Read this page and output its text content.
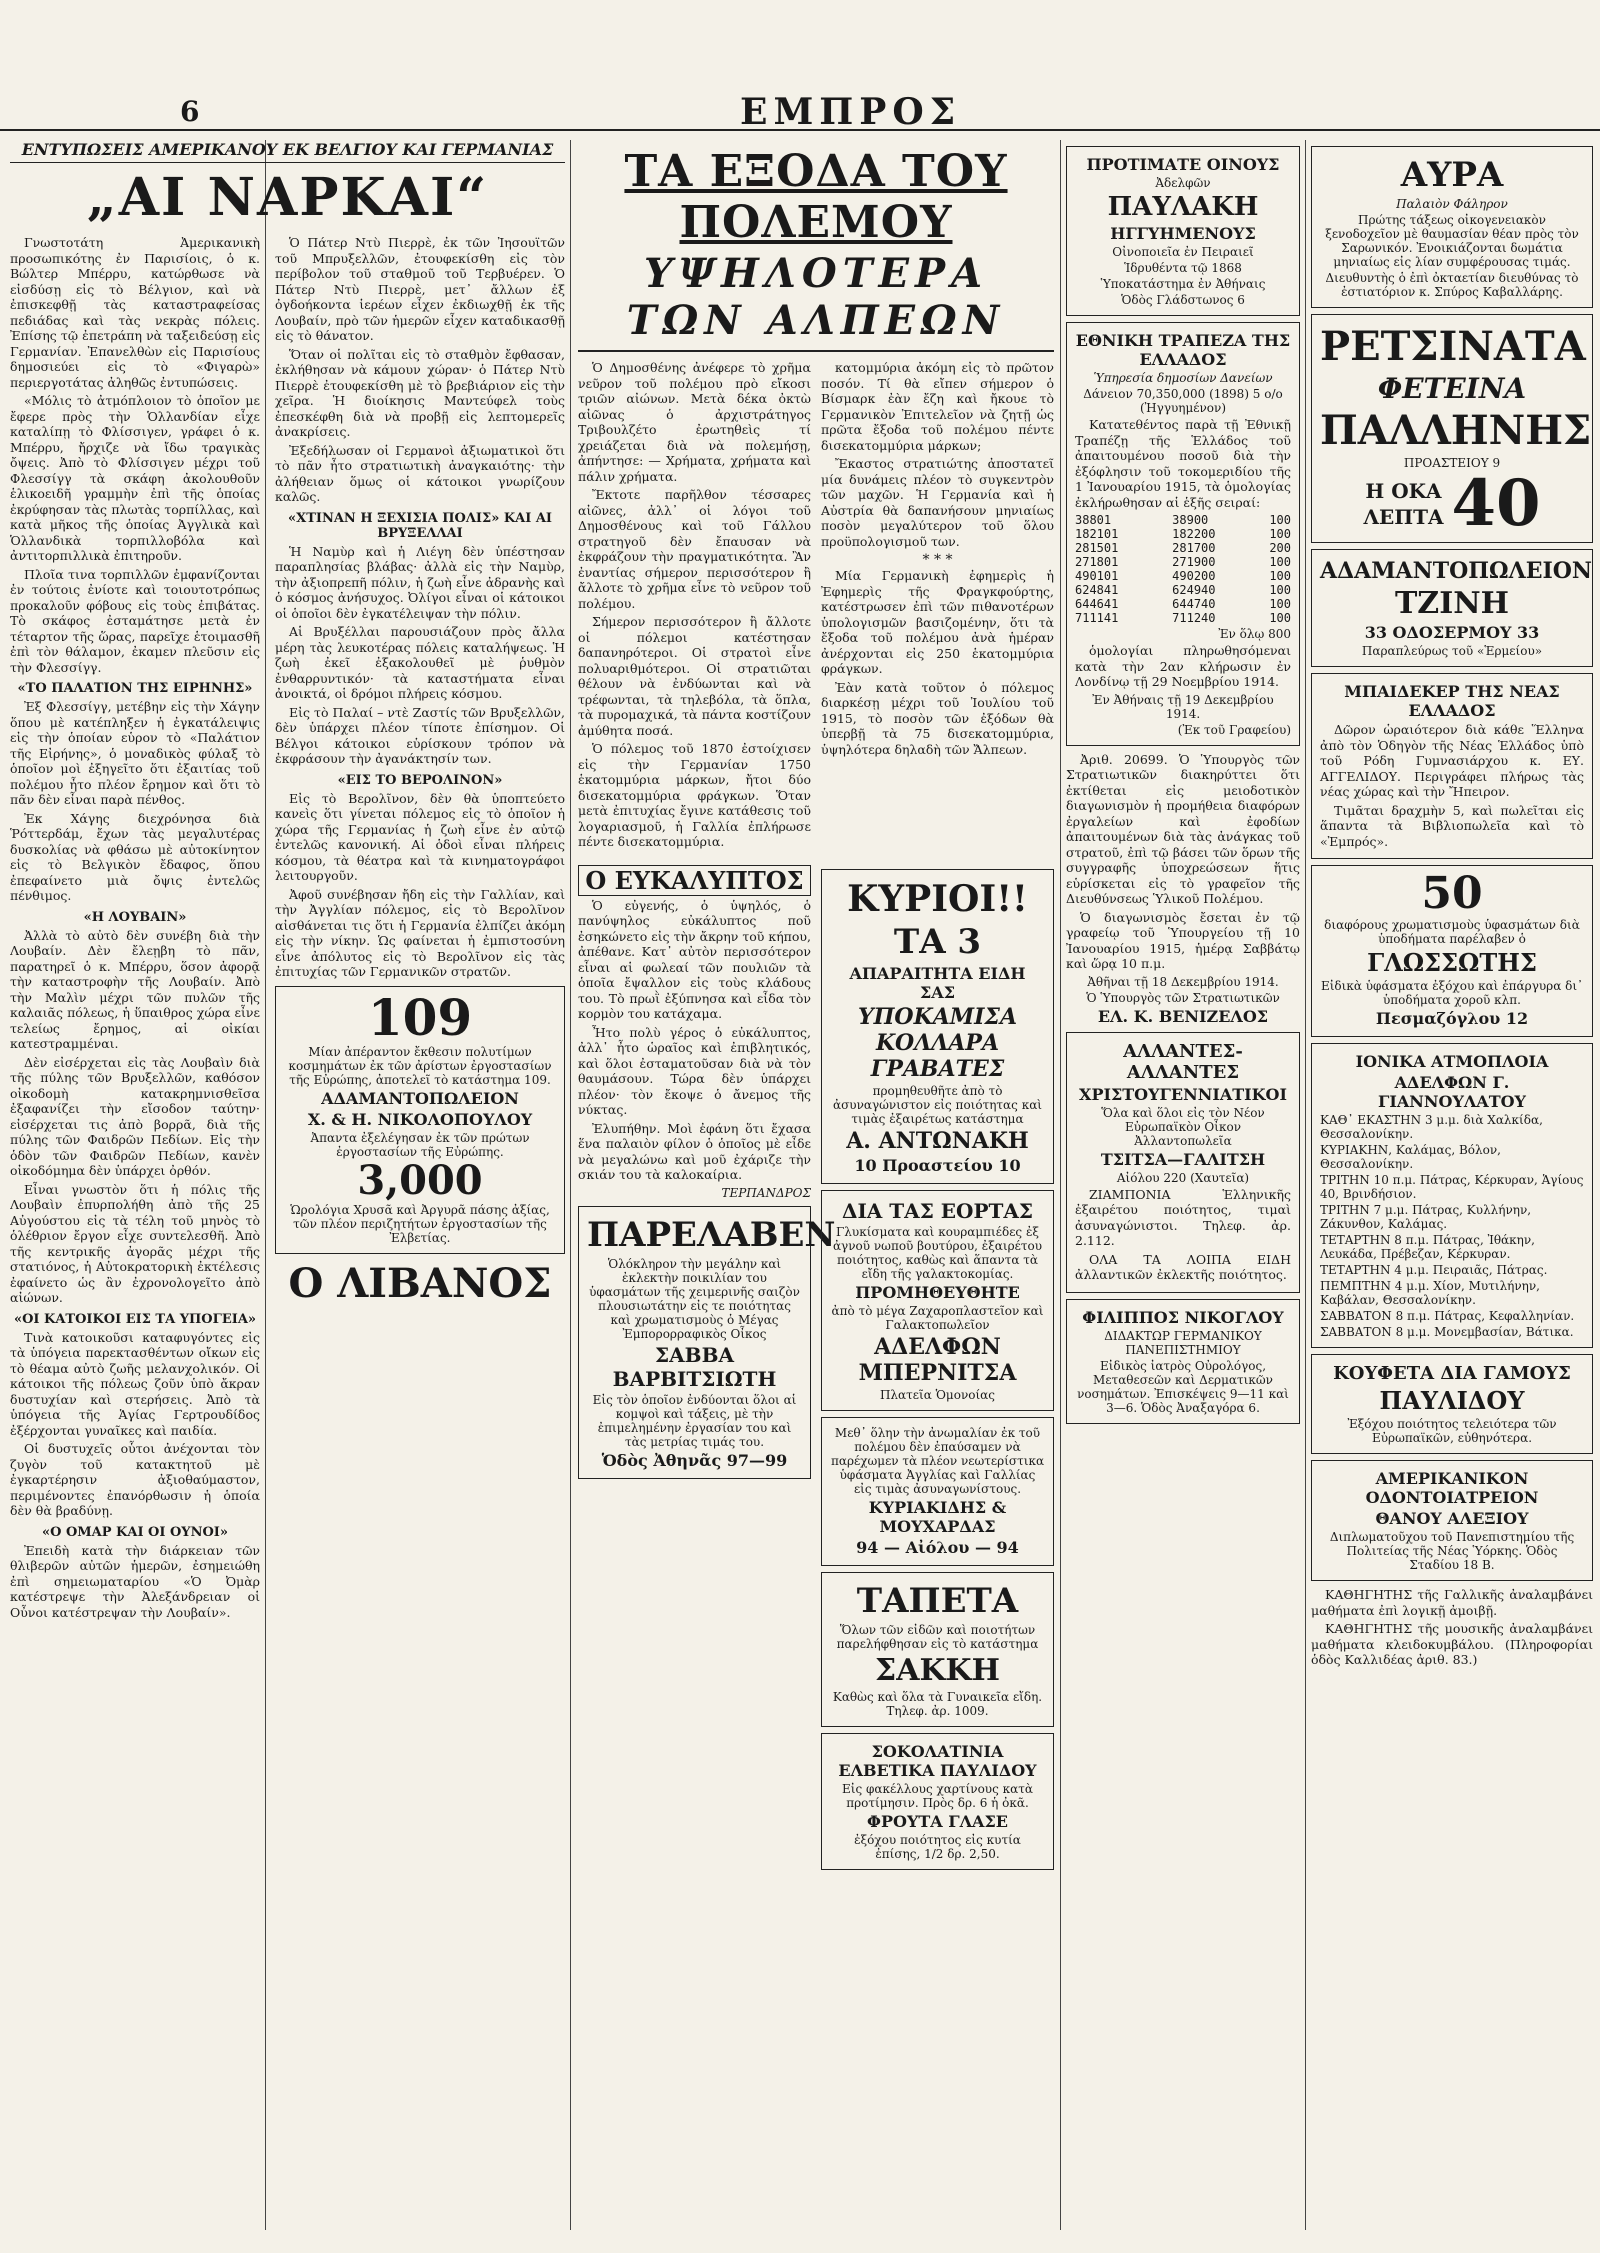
6	ΕΜΠΡΟΣ
ΕΝΤΥΠΩΣΕΙΣ ΑΜΕΡΙΚΑΝΟΥ ΕΚ ΒΕΛΓΙΟΥ ΚΑΙ ΓΕΡΜΑΝΙΑΣ
„ΑΙ ΝΑΡΚΑΙ“

Γνωστοτάτη Ἀμερικανικὴ προσωπικότης ἐν Παρισίοις, ὁ κ. Βώλτερ Μπέρρυ, κατώρθωσε νὰ εἰσδύσῃ εἰς τὸ Βέλγιον, καὶ νὰ ἐπισκεφθῇ τὰς καταστραφείσας πεδιάδας καὶ τὰς νεκρὰς πόλεις. Ἐπίσης τῷ ἐπετράπη νὰ ταξειδεύσῃ εἰς Γερμανίαν. Ἐπανελθὼν εἰς Παρισίους δημοσιεύει εἰς τὸ «Φιγαρὼ» περιεργοτάτας ἀληθῶς ἐντυπώσεις.

«Μόλις τὸ ἀτμόπλοιον τὸ ὁποῖον με ἔφερε πρὸς τὴν Ὁλλανδίαν εἶχε καταλίπῃ τὸ Φλίσσιγεν, γράφει ὁ κ. Μπέρρυ, ἤρχιζε νὰ ἴδω τραγικὰς ὄψεις. Ἀπὸ τὸ Φλίσσιγεν μέχρι τοῦ Φλεσσίγγ τὰ σκάφη ἀκολουθοῦν ἑλικοειδῆ γραμμὴν ἐπὶ τῆς ὁποίας ἐκρύφησαν τὰς πλωτὰς τορπίλλας, καὶ κατὰ μῆκος τῆς ὁποίας Ἀγγλικὰ καὶ Ὁλλανδικὰ τορπιλλοβόλα καὶ ἀντιτορπιλλικὰ ἐπιτηροῦν.

Πλοῖα τινα τορπιλλῶν ἐμφανίζονται ἐν τούτοις ἐνίοτε καὶ τοιουτοτρόπως προκαλοῦν φόβους εἰς τοὺς ἐπιβάτας. Τὸ σκάφος ἐσταμάτησε μετὰ ἐν τέταρτον τῆς ὥρας, παρεῖχε ἑτοιμασθῆ ἐπὶ τὸν θάλαμον, ἐκαμεν πλεῦσιν εἰς τὴν Φλεσσίγγ.

«ΤΟ ΠΑΛΑΤΙΟΝ ΤΗΣ ΕΙΡΗΝΗΣ»

Ἐξ Φλεσσίγγ, μετέβην εἰς τὴν Χάγην ὅπου μὲ κατέπληξεν ἡ ἐγκατάλειψις εἰς τὴν ὁποίαν εὑρον τὸ «Παλάτιον τῆς Εἰρήνης», ὁ μοναδικὸς φύλαξ τὸ ὁποῖον μοὶ ἐξηγεῖτο ὅτι ἐξαιτίας τοῦ πολέμου ἦτο πλέον ἔρημον καὶ ὅτι τὸ πᾶν δὲν εἶναι παρὰ πένθος.

Ἐκ Χάγης διεχρόνησα διὰ Ῥόττερδάμ, ἔχων τὰς μεγαλυτέρας δυσκολίας νὰ φθάσω μὲ αὐτοκίνητον εἰς τὸ Βελγικὸν ἔδαφος, ὅπου ἐπεφαίνετο μιὰ ὄψις ἐντελῶς πένθιμος.

«Η ΛΟΥΒΑΙΝ»

Ἀλλὰ τὸ αὐτὸ δὲν συνέβη διὰ τὴν Λουβαίν. Δὲν ἔλεῃβη τὸ πᾶν, παρατηρεῖ ὁ κ. Μπέρρυ, ὅσον ἀφορᾷ τὴν καταστροφὴν τῆς Λουβαίν. Ἀπὸ τὴν Μαλὶν μέχρι τῶν πυλῶν τῆς καλαιᾶς πόλεως, ἡ ὕπαιθρος χώρα εἶνε τελείως ἔρημος, αἱ οἰκίαι κατεστραμμέναι.

Δὲν εἰσέρχεται εἰς τὰς Λουβαὶν διὰ τῆς πύλης τῶν Βρυξελλῶν, καθόσον οἰκοδομὴ κατακρημνισθεῖσα ἐξαφανίζει τὴν εἴσοδον ταύτην· εἰσέρχεται τις ἀπὸ βορρᾶ, διὰ τῆς πύλης τῶν Φαιδρῶν Πεδίων. Εἰς τὴν ὁδὸν τῶν Φαιδρῶν Πεδίων, κανὲν οἰκοδόμημα δὲν ὑπάρχει ὀρθόν.

Εἶναι γνωστὸν ὅτι ἡ πόλις τῆς Λουβαὶν ἐπυρπολήθη ἀπὸ τῆς 25 Αὐγούστου εἰς τὰ τέλη τοῦ μηνὸς τὸ ὁλέθριον ἔργον εἶχε συντελεσθῆ. Ἀπὸ τῆς κεντρικῆς ἀγορᾶς μέχρι τῆς στατιόνος, ἡ Αὐτοκρατορικὴ ἐκτέλεσις ἐφαίνετο ὡς ἂν ἐχρονολογεῖτο ἀπὸ αἰώνων.

«ΟΙ ΚΑΤΟΙΚΟΙ ΕΙΣ ΤΑ ΥΠΟΓΕΙΑ»

Τινὰ κατοικοῦσι καταφυγόντες εἰς τὰ ὑπόγεια παρεκτασθέντων οἴκων εἰς τὸ θέαμα αὐτὸ ζωῆς μελανχολικόν. Οἱ κάτοικοι τῆς πόλεως ζοῦν ὑπὸ ἄκραν δυστυχίαν καὶ στερήσεις. Ἀπὸ τὰ ὑπόγεια τῆς Ἁγίας Γερτρουδίδος ἐξέρχονται γυναῖκες καὶ παιδία.

Οἱ δυστυχεῖς οὗτοι ἀνέχονται τὸν ζυγὸν τοῦ κατακτητοῦ μὲ ἐγκαρτέρησιν ἀξιοθαύμαστον, περιμένοντες ἐπανόρθωσιν ἡ ὁποία δὲν θὰ βραδύνῃ.

«Ο ΟΜΑΡ ΚΑΙ ΟΙ ΟΥΝΟΙ»

Ἐπειδὴ κατὰ τὴν διάρκειαν τῶν θλιβερῶν αὐτῶν ἡμερῶν, ἐσημειώθη ἐπὶ σημειωματαρίου «Ὁ Ὀμὰρ κατέστρεψε τὴν Ἀλεξάνδρειαν οἱ Οὖνοι κατέστρεψαν τὴν Λουβαίν».

Ὁ Πάτερ Ντὺ Πιερρὲ, ἐκ τῶν Ἰησουϊτῶν τοῦ Μπρυξελλῶν, ἐτουφεκίσθη εἰς τὸν περίβολον τοῦ σταθμοῦ τοῦ Τερβυέρεν. Ὁ Πάτερ Ντὺ Πιερρὲ, μετ᾽ ἄλλων ἐξ ὀγδοήκοντα ἱερέων εἶχεν ἐκδιωχθῇ ἐκ τῆς Λουβαίν, πρὸ τῶν ἡμερῶν εἶχεν καταδικασθῇ εἰς τὸ θάνατον.

Ὅταν οἱ πολῖται εἰς τὸ σταθμὸν ἔφθασαν, ἐκλήθησαν νὰ κάμουν χώραν· ὁ Πάτερ Ντὺ Πιερρὲ ἐτουφεκίσθη μὲ τὸ βρεβιάριον εἰς τὴν χεῖρα. Ἡ διοίκησις Μαντεύφελ τοὺς ἐπεσκέφθη διὰ νὰ προβῇ εἰς λεπτομερεῖς ἀνακρίσεις.

Ἐξεδήλωσαν οἱ Γερμανοὶ ἀξιωματικοὶ ὅτι τὸ πᾶν ἦτο στρατιωτικὴ ἀναγκαιότης· τὴν ἀλήθειαν ὅμως οἱ κάτοικοι γνωρίζουν καλῶς.

«ΧΤΙΝΑΝ Η ΞΕΧΙΣΙΑ ΠΟΛΙΣ» ΚΑΙ ΑΙ ΒΡΥΞΕΛΛΑΙ

Ἡ Ναμὺρ καὶ ἡ Λιέγη δὲν ὑπέστησαν παραπλησίας βλάβας· ἀλλὰ εἰς τὴν Ναμὺρ, τὴν ἀξιοπρεπῆ πόλιν, ἡ ζωὴ εἶνε ἀδρανὴς καὶ ὁ κόσμος ἀνήσυχος. Ὀλίγοι εἶναι οἱ κάτοικοι οἱ ὁποῖοι δὲν ἐγκατέλειψαν τὴν πόλιν.

Αἱ Βρυξέλλαι παρουσιάζουν πρὸς ἄλλα μέρη τὰς λευκοτέρας πόλεις καταλήψεως. Ἡ ζωὴ ἐκεῖ ἐξακολουθεῖ μὲ ῥυθμὸν ἐνθαρρυντικόν· τὰ καταστήματα εἶναι ἀνοικτά, οἱ δρόμοι πλήρεις κόσμου.

Εἰς τὸ Παλαί – ντὲ Ζαστίς τῶν Βρυξελλῶν, δὲν ὑπάρχει πλέον τίποτε ἐπίσημον. Οἱ Βέλγοι κάτοικοι εὑρίσκουν τρόπον νὰ ἐκφράσουν τὴν ἀγανάκτησίν των.

«ΕΙΣ ΤΟ ΒΕΡΟΛΙΝΟΝ»

Εἰς τὸ Βερολῖνον, δὲν θὰ ὑποπτεύετο κανεὶς ὅτι γίνεται πόλεμος εἰς τὸ ὁποῖον ἡ χώρα τῆς Γερμανίας ἡ ζωὴ εἶνε ἐν αὐτῷ ἐντελῶς κανονική. Αἱ ὁδοὶ εἶναι πλήρεις κόσμου, τὰ θέατρα καὶ τὰ κινηματογράφοι λειτουργοῦν.

Ἀφοῦ συνέβησαν ἤδη εἰς τὴν Γαλλίαν, καὶ τὴν Ἀγγλίαν πόλεμος, εἰς τὸ Βερολῖνον αἰσθάνεται τις ὅτι ἡ Γερμανία ἐλπίζει ἀκόμη εἰς τὴν νίκην. Ὡς φαίνεται ἡ ἐμπιστοσύνη εἶνε ἀπόλυτος εἰς τὸ Βερολῖνον εἰς τὰς ἐπιτυχίας τῶν Γερμανικῶν στρατῶν.

109
Μίαν ἀπέραντον ἔκθεσιν πολυτίμων κοσμημάτων ἐκ τῶν ἀρίστων ἐργοστασίων τῆς Εὐρώπης, ἀποτελεῖ τὸ κατάστημα 109.
ΑΔΑΜΑΝΤΟΠΩΛΕΙΟΝ
Χ. & Η. ΝΙΚΟΛΟΠΟΥΛΟΥ
Ἀπαντα ἐξελέγησαν ἐκ τῶν πρώτων ἐργοστασίων τῆς Εὐρώπης.
3,000
Ὡρολόγια Χρυσᾶ καὶ Ἀργυρᾶ πάσης ἀξίας, τῶν πλέον περιζητήτων ἐργοστασίων τῆς Ἐλβετίας.
Ο ΛΙΒΑΝΟΣ
ΤΑ ΕΞΟΔΑ ΤΟΥ ΠΟΛΕΜΟΥ
ΥΨΗΛΟΤΕΡΑ ΤΩΝ ΑΛΠΕΩΝ

Ὁ Δημοσθένης ἀνέφερε τὸ χρῆμα νεῦρον τοῦ πολέμου πρὸ εἴκοσι τριῶν αἰώνων. Μετὰ δέκα ὀκτὼ αἰῶνας ὁ ἀρχιστράτηγος Τριβουλζέτο ἐρωτηθεὶς τί χρειάζεται διὰ νὰ πολεμήσῃ, ἀπήντησε: — Χρήματα, χρήματα καὶ πάλιν χρήματα.

Ἔκτοτε παρῆλθον τέσσαρες αἰῶνες, ἀλλ᾽ οἱ λόγοι τοῦ Δημοσθένους καὶ τοῦ Γάλλου στρατηγοῦ δὲν ἔπαυσαν νὰ ἐκφράζουν τὴν πραγματικότητα. Ἂν ἐναντίας σήμερον περισσότερον ἢ ἄλλοτε τὸ χρῆμα εἶνε τὸ νεῦρον τοῦ πολέμου.

Σήμερον περισσότερον ἢ ἄλλοτε οἱ πόλεμοι κατέστησαν δαπανηρότεροι. Οἱ στρατοὶ εἶνε πολυαριθμότεροι. Οἱ στρατιῶται θέλουν νὰ ἐνδύωνται καὶ νὰ τρέφωνται, τὰ τηλεβόλα, τὰ ὅπλα, τὰ πυρομαχικά, τὰ πάντα κοστίζουν ἀμύθητα ποσά.

Ὁ πόλεμος τοῦ 1870 ἐστοίχισεν εἰς τὴν Γερμανίαν 1750 ἑκατομμύρια μάρκων, ἤτοι δύο δισεκατομμύρια φράγκων. Ὅταν μετὰ ἐπιτυχίας ἔγινε κατάθεσις τοῦ λογαριασμοῦ, ἡ Γαλλία ἐπλήρωσε πέντε δισεκατομμύρια.

κατομμύρια ἀκόμη εἰς τὸ πρῶτον ποσόν. Τί θὰ εἴπεν σήμερον ὁ Βίσμαρκ ἐὰν ἔζη καὶ ἤκουε τὸ Γερμανικὸν Ἐπιτελεῖον νὰ ζητῇ ὡς πρῶτα ἔξοδα τοῦ πολέμου πέντε δισεκατομμύρια μάρκων;

Ἔκαστος στρατιώτης ἀποστατεῖ μία δυνάμεις πλέον τὸ συγκεντρὸν τῶν μαχῶν. Ἡ Γερμανία καὶ ἡ Αὐστρία θὰ δαπανήσουν μηνιαίως ποσὸν μεγαλύτερον τοῦ ὅλου προϋπολογισμοῦ των.

* * *

Μία Γερμανικὴ ἐφημερὶς ἡ Ἐφημερὶς τῆς Φραγκφούρτης, κατέστρωσεν ἐπὶ τῶν πιθανοτέρων ὑπολογισμῶν βασιζομένην, ὅτι τὰ ἔξοδα τοῦ πολέμου ἀνὰ ἡμέραν ἀνέρχονται εἰς 250 ἑκατομμύρια φράγκων.

Ἐὰν κατὰ τοῦτον ὁ πόλεμος διαρκέσῃ μέχρι τοῦ Ἰουλίου τοῦ 1915, τὸ ποσὸν τῶν ἐξόδων θὰ ὑπερβῇ τὰ 75 δισεκατομμύρια, ὑψηλότερα δηλαδὴ τῶν Ἄλπεων.

Ο ΕΥΚΑΛΥΠΤΟΣ

Ὁ εὐγενής, ὁ ὑψηλός, ὁ πανύψηλος εὐκάλυπτος ποῦ ἐσηκώνετο εἰς τὴν ἄκρην τοῦ κήπου, ἀπέθανε. Κατ᾽ αὐτὸν περισσότερον εἶναι αἱ φωλεαί τῶν πουλιῶν τὰ ὁποῖα ἔψαλλον εἰς τοὺς κλάδους του. Τὸ πρωῒ ἐξύπνησα καὶ εἶδα τὸν κορμὸν του κατάχαμα.

Ἦτο πολὺ γέρος ὁ εὐκάλυπτος, ἀλλ᾽ ἦτο ὡραῖος καὶ ἐπιβλητικός, καὶ ὅλοι ἐσταματοῦσαν διὰ νὰ τὸν θαυμάσουν. Τώρα δὲν ὑπάρχει πλέον· τὸν ἔκοψε ὁ ἄνεμος τῆς νύκτας.

Ἐλυπήθην. Μοὶ ἐφάνη ὅτι ἔχασα ἕνα παλαιὸν φίλον ὁ ὁποῖος μὲ εἶδε νὰ μεγαλώνω καὶ μοῦ ἐχάριζε τὴν σκιάν του τὰ καλοκαίρια.

ΤΕΡΠΑΝΔΡΟΣ
ΠΑΡΕΛΑΒΕΝ
Ὁλόκληρον τὴν μεγάλην καὶ ἐκλεκτὴν ποικιλίαν του ὑφασμάτων τῆς χειμερινῆς σαιζὸν πλουσιωτάτην εἰς τε ποιότητας καὶ χρωματισμοὺς ὁ Μέγας Ἐμπορορραφικὸς Οἶκος
ΣΑΒΒΑ ΒΑΡΒΙΤΣΙΩΤΗ
Εἰς τὸν ὁποῖον ἐνδύονται ὅλοι αἱ κομψοὶ καὶ τάξεις, μὲ τὴν ἐπιμελημένην ἐργασίαν του καὶ τὰς μετρίας τιμάς του.
Ὁδὸς Ἀθηνᾶς 97—99
ΚΥΡΙΟΙ!!
ΤΑ 3
ΑΠΑΡΑΙΤΗΤΑ ΕΙΔΗ ΣΑΣ
ΥΠΟΚΑΜΙΣΑ ΚΟΛΛΑΡΑ ΓΡΑΒΑΤΕΣ
προμηθευθῆτε ἀπὸ τὸ ἀσυναγώνιστον εἰς ποιότητας καὶ τιμὰς ἐξαιρέτως κατάστημα
Α. ΑΝΤΩΝΑΚΗ
10 Προαστείου 10
ΔΙΑ ΤΑΣ ΕΟΡΤΑΣ
Γλυκίσματα καὶ κουραμπιέδες ἐξ ἀγνοῦ νωποῦ βουτύρου, ἐξαιρέτου ποιότητος, καθὼς καὶ ἅπαντα τὰ εἴδη τῆς γαλακτοκομίας.
ΠΡΟΜΗΘΕΥΘΗΤΕ
ἀπὸ τὸ μέγα Ζαχαροπλαστεῖον καὶ Γαλακτοπωλεῖον
ΑΔΕΛΦΩΝ ΜΠΕΡΝΙΤΣΑ
Πλατεῖα Ὁμονοίας
Μεθ᾽ ὅλην τὴν ἀνωμαλίαν ἐκ τοῦ πολέμου δὲν ἐπαύσαμεν νὰ παρέχωμεν τὰ πλέον νεωτερίστικα ὑφάσματα Ἀγγλίας καὶ Γαλλίας εἰς τιμὰς ἀσυναγωνίστους.
ΚΥΡΙΑΚΙΔΗΣ & ΜΟΥΧΑΡΔΑΣ
94 — Αἰόλου — 94
ΤΑΠΕΤΑ
Ὅλων τῶν εἰδῶν καὶ ποιοτήτων παρελήφθησαν εἰς τὸ κατάστημα
ΣΑΚΚΗ
Καθὼς καὶ ὅλα τὰ Γυναικεῖα εἴδη. Τηλεφ. ἀρ. 1009.
ΣΟΚΟΛΑΤΙΝΙΑ ΕΛΒΕΤΙΚΑ ΠΑΥΛΙΔΟΥ
Εἰς φακέλλους χαρτίνους κατὰ προτίμησιν. Πρὸς δρ. 6 ἡ ὀκᾶ.
ΦΡΟΥΤΑ ΓΛΑΣΕ
ἐξόχου ποιότητος εἰς κυτία ἐπίσης, 1/2 δρ. 2,50.
ΠΡΟΤΙΜΑΤΕ ΟΙΝΟΥΣ
Ἀδελφῶν
ΠΑΥΛΑΚΗ
ΗΓΓΥΗΜΕΝΟΥΣ
Οἰνοποιεῖα ἐν Πειραιεῖ
Ἱδρυθέντα τῷ 1868
Ὑποκατάστημα ἐν Ἀθήναις
Ὁδὸς Γλάδστωνος 6
ΕΘΝΙΚΗ ΤΡΑΠΕΖΑ ΤΗΣ ΕΛΛΑΔΟΣ
Ὑπηρεσία δημοσίων Δανείων
Δάνειον 70,350,000 (1898) 5 ο/ο (Ἠγγυημένον)

Κατατεθέντος παρὰ τῇ Ἐθνικῇ Τραπέζῃ τῆς Ἑλλάδος τοῦ ἀπαιτουμένου ποσοῦ διὰ τὴν ἐξόφλησιν τοῦ τοκομεριδίου τῆς 1 Ἰανουαρίου 1915, τὰ ὁμολογίας ἐκλήρωθησαν αἱ ἑξῆς σειραί:

38801	38900	100
182101	182200	100
281501	281700	200
271801	271900	100
490101	490200	100
624841	624940	100
644641	644740	100
711141	711240	100
Ἐν ὅλῳ 800

ὁμολογίαι πληρωθησόμεναι κατὰ τὴν 2αν κλήρωσιν ἐν Λονδίνῳ τῇ 29 Νοεμβρίου 1914.

Ἐν Ἀθήναις τῇ 19 Δεκεμβρίου 1914.
(Ἐκ τοῦ Γραφείου)

Ἀριθ. 20699. Ὁ Ὑπουργὸς τῶν Στρατιωτικῶν διακηρύττει ὅτι ἐκτίθεται εἰς μειοδοτικὸν διαγωνισμὸν ἡ προμήθεια διαφόρων ἐργαλείων καὶ ἐφοδίων ἀπαιτουμένων διὰ τὰς ἀνάγκας τοῦ στρατοῦ, ἐπὶ τῷ βάσει τῶν ὅρων τῆς συγγραφῆς ὑποχρεώσεων ἥτις εὑρίσκεται εἰς τὸ γραφεῖον τῆς Διευθύνσεως Ὑλικοῦ Πολέμου.

Ὁ διαγωνισμὸς ἔσεται ἐν τῷ γραφείῳ τοῦ Ὑπουργείου τῇ 10 Ἰανουαρίου 1915, ἡμέρᾳ Σαββάτῳ καὶ ὥρᾳ 10 π.μ.

Ἀθῆναι τῇ 18 Δεκεμβρίου 1914.
Ὁ Ὑπουργὸς τῶν Στρατιωτικῶν
ΕΛ. Κ. ΒΕΝΙΖΕΛΟΣ
ΑΛΛΑΝΤΕΣ-ΑΛΛΑΝΤΕΣ
ΧΡΙΣΤΟΥΓΕΝΝΙΑΤΙΚΟΙ
Ὅλα καὶ ὅλοι εἰς τὸν Νέον Εὐρωπαϊκὸν Οἶκον Ἀλλαντοπωλεῖα
ΤΣΙΤΣΑ—ΓΑΛΙΤΣΗ
Αἰόλου 220 (Χαυτεῖα)

ΖΙΑΜΠΟΝΙΑ Ἑλληνικῆς ἐξαιρέτου ποιότητος, τιμαὶ ἀσυναγώνιστοι. Τηλεφ. ἀρ. 2.112.

ΟΛΑ ΤΑ ΛΟΙΠΑ ΕΙΔΗ ἀλλαντικῶν ἐκλεκτῆς ποιότητος.

ΦΙΛΙΠΠΟΣ ΝΙΚΟΓΛΟΥ
ΔΙΔΑΚΤΩΡ ΓΕΡΜΑΝΙΚΟΥ ΠΑΝΕΠΙΣΤΗΜΙΟΥ
Εἰδικὸς ἰατρὸς Οὐρολόγος, Μεταθεσεῶν καὶ Δερματικῶν νοσημάτων. Ἐπισκέψεις 9—11 καὶ 3—6. Ὁδὸς Ἀναξαγόρα 6.
ΑΥΡΑ
Παλαιὸν Φάληρον
Πρώτης τάξεως οἰκογενειακὸν ξενοδοχεῖον μὲ θαυμασίαν θέαν πρὸς τὸν Σαρωνικόν. Ἐνοικιάζονται δωμάτια μηνιαίως εἰς λίαν συμφέρουσας τιμάς.
Διευθυντὴς ὁ ἐπὶ ὀκταετίαν διευθύνας τὸ ἐστιατόριον κ. Σπύρος Καβαλλάρης.
ΡΕΤΣΙΝΑΤΑ
ΦΕΤΕΙΝΑ
ΠΑΛΛΗΝΗΣ
ΠΡΟΑΣΤΕΙΟΥ 9
Η ΟΚΑ
ΛΕΠΤΑ 40
ΑΔΑΜΑΝΤΟΠΩΛΕΙΟΝ
ΤΖΙΝΗ
33 ΟΔΟΣΕΡΜΟΥ 33
Παραπλεύρως τοῦ «Ἑρμείου»
ΜΠΑΙΔΕΚΕΡ ΤΗΣ ΝΕΑΣ ΕΛΛΑΔΟΣ

Δῶρον ὡραιότερον διὰ κάθε Ἕλληνα ἀπὸ τὸν Ὁδηγὸν τῆς Νέας Ἑλλάδος ὑπὸ τοῦ Ρόδη Γυμνασιάρχου κ. ΕΥ. ΑΓΓΕΛΙΔΟΥ. Περιγράφει πλήρως τὰς νέας χώρας καὶ τὴν Ἤπειρον.

Τιμᾶται δραχμὴν 5, καὶ πωλεῖται εἰς ἅπαντα τὰ Βιβλιοπωλεῖα καὶ τὸ «Ἐμπρός».

50
διαφόρους χρωματισμοὺς ὑφασμάτων διὰ ὑποδήματα παρέλαβεν ὁ
ΓΛΩΣΣΩΤΗΣ
Εἰδικὰ ὑφάσματα ἐξόχου καὶ ἐπάργυρα δι᾽ ὑποδήματα χοροῦ κλπ.
Πεσμαζόγλου 12
ΙΟΝΙΚΑ ΑΤΜΟΠΛΟΙΑ
ΑΔΕΛΦΩΝ Γ. ΓΙΑΝΝΟΥΛΑΤΟΥ
ΚΑΘ᾽ ΕΚΑΣΤΗΝ 3 μ.μ. διὰ Χαλκίδα, Θεσσαλονίκην.
ΚΥΡΙΑΚΗΝ, Καλάμας, Βόλον, Θεσσαλονίκην.
ΤΡΙΤΗΝ 10 π.μ. Πάτρας, Κέρκυραν, Ἁγίους 40, Βρινδήσιον.
ΤΡΙΤΗΝ 7 μ.μ. Πάτρας, Κυλλήνην, Ζάκυνθον, Καλάμας.
ΤΕΤΑΡΤΗΝ 8 π.μ. Πάτρας, Ἰθάκην, Λευκάδα, Πρέβεζαν, Κέρκυραν.
ΤΕΤΑΡΤΗΝ 4 μ.μ. Πειραιᾶς, Πάτρας.
ΠΕΜΠΤΗΝ 4 μ.μ. Χίον, Μυτιλήνην, Καβάλαν, Θεσσαλονίκην.
ΣΑΒΒΑΤΟΝ 8 π.μ. Πάτρας, Κεφαλληνίαν.
ΣΑΒΒΑΤΟΝ 8 μ.μ. Μονεμβασίαν, Βάτικα.
ΚΟΥΦΕΤΑ ΔΙΑ ΓΑΜΟΥΣ
ΠΑΥΛΙΔΟΥ
Ἐξόχου ποιότητος τελειότερα τῶν Εὐρωπαϊκῶν, εὐθηνότερα.
ΑΜΕΡΙΚΑΝΙΚΟΝ ΟΔΟΝΤΟΙΑΤΡΕΙΟΝ
ΘΑΝΟΥ ΑΛΕΞΙΟΥ
Διπλωματοῦχου τοῦ Πανεπιστημίου τῆς Πολιτείας τῆς Νέας Ὑόρκης. Ὁδὸς Σταδίου 18 Β.

ΚΑΘΗΓΗΤΗΣ τῆς Γαλλικῆς ἀναλαμβάνει μαθήματα ἐπὶ λογικῇ ἀμοιβῇ.

ΚΑΘΗΓΗΤΗΣ τῆς μουσικῆς ἀναλαμβάνει μαθήματα κλειδοκυμβάλου. (Πληροφορίαι ὁδὸς Καλλιδέας ἀριθ. 83.)
